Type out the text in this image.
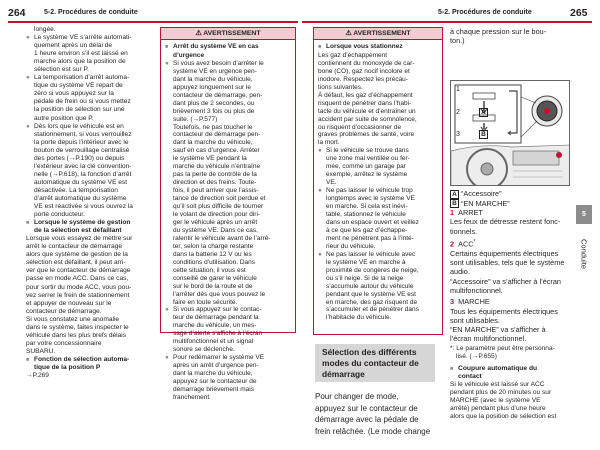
264	5-2. Procédures de conduite	5-2. Procédures de conduite	265

longée.

● Le système VE s’arrête automati-
quement après un délai de
1 heure environ s’il est laissé en
marche alors que la position de
sélection est sur P.
● La temporisation d’arrêt automa-
tique du système VE repart de
zéro si vous appuyez sur la
pédale de frein ou si vous mettez
la position de sélection sur une
autre position que P.
● Dès lors que le véhicule est en
stationnement, si vous verrouillez
la porte depuis l’intérieur avec le
bouton de verrouillage centralisé
des portes (→P.190) ou depuis
l’extérieur avec la clé convention-
nelle (→P.618), la fonction d’arrêt
automatique du système VE est
désactivée. La temporisation
d’arrêt automatique du système
VE est réactivée si vous ouvrez la
porte conducteur.
■ Lorsque le système de gestion
de la sélection est défaillant
Lorsque vous essayez de mettre sur
arrêt le contacteur de démarrage
alors que système de gestion de la
sélection est défaillant, il peut arri-
ver que le contacteur de démarrage
passe en mode ACC. Dans ce cas,
pour sortir du mode ACC, vous pou-
vez serrer le frein de stationnement
et appuyer de nouveau sur le
contacteur de démarrage.
Si vous constatez une anomalie
dans le système, faites inspecter le
véhicule dans les plus brefs délais
par votre concessionnaire
SUBARU.
■ Fonction de sélection automa-
tique de la position P

→P.269

⚠ AVERTISSEMENT
■ Arrêt du système VE en cas
d’urgence
● Si vous avez besoin d’arrêter le
système VE en urgence pen-
dant la marche du véhicule,
appuyez longuement sur le
contacteur de démarrage, pen-
dant plus de 2 secondes, ou
brièvement 3 fois ou plus de
suite. (→P.577)
Toutefois, ne pas toucher le
contacteur de démarrage pen-
dant la marche du véhicule,
sauf en cas d’urgence. Arrêter
le système VE pendant la
marche du véhicule n’entraîne
pas la perte de contrôle de la
direction et des freins. Toute-
fois, il peut arriver que l’assis-
tance de direction soit perdue et
qu’il soit plus difficile de tourner
le volant de direction pour diri-
ger le véhicule après un arrêt
du système VE. Dans ce cas,
ralentir le véhicule avant de l’arrê-
ter, selon la charge restante
dans la batterie 12 V ou les
conditions d’utilisation. Dans
cette situation, il vous est
conseillé de garer le véhicule
sur le bord de la route et de
l’arrêter dès que vous pouvez le
faire en toute sécurité.
● Si vous appuyez sur le contac-
teur de démarrage pendant la
marche du véhicule, un mes-
sage d’alerte s’affiche à l’écran
multifonctionnel et un signal
sonore se déclenche.
● Pour redémarrer le système VE
après un arrêt d’urgence pen-
dant la marche du véhicule,
appuyez sur le contacteur de
démarrage brièvement mais
franchement.
⚠ AVERTISSEMENT
■ Lorsque vous stationnez
Les gaz d’échappement
contiennent du monoxyde de car-
bone (CO), gaz nocif incolore et
inodore. Respectez les précau-
tions suivantes.
À défaut, les gaz d’échappement
risquent de pénétrer dans l’habi-
tacle du véhicule et d’entraîner un
accident par suite de somnolence,
ou risquent d’occasionner de
graves problèmes de santé, voire
la mort.
● Si le véhicule se trouve dans
une zone mal ventilée ou fer-
mée, comme un garage par
exemple, arrêtez le système
VE.
● Ne pas laisser le véhicule trop
longtemps avec le système VE
en marche. Si cela est inévi-
table, stationnez le véhicule
dans un espace ouvert et veillez
à ce que les gaz d’échappe-
ment ne pénètrent pas à l’inté-
rieur du véhicule.
● Ne pas laisser le véhicule avec
le système VE en marche à
proximité de congères de neige,
ou s’il neige. Si de la neige
s’accumule autour du véhicule
pendant que le système VE est
en marche, des gaz risquent de
s’accumuler et de pénétrer dans
l’habitacle du véhicule.
Sélection des différents
modes du contacteur de
démarrage
Pour changer de mode,
appuyez sur le contacteur de
démarrage avec la pédale de
frein relâchée. (Le mode change
à chaque pression sur le bou-
ton.)
1
2
3
A
B
A “Accessoire”
B “EN MARCHE”
1 ARRET
Les feux de détresse restent fonc-
tionnels.
2 ACC*
Certains équipements électriques
sont utilisables, tels que le système
audio.
“Accessoire” va s’afficher à l’écran
multifonctionnel.
3 MARCHE
Tous les équipements électriques
sont utilisables.
“EN MARCHE” va s’afficher à
l’écran multifonctionnel.
*: Le paramètre peut être personna-
lisé. (→P.655)
■ Coupure automatique du
contact
Si le véhicule est laissé sur ACC
pendant plus de 20 minutes ou sur
MARCHE (avec le système VE
arrêté) pendant plus d’une heure
alors que la position de sélection est
5
Conduite
